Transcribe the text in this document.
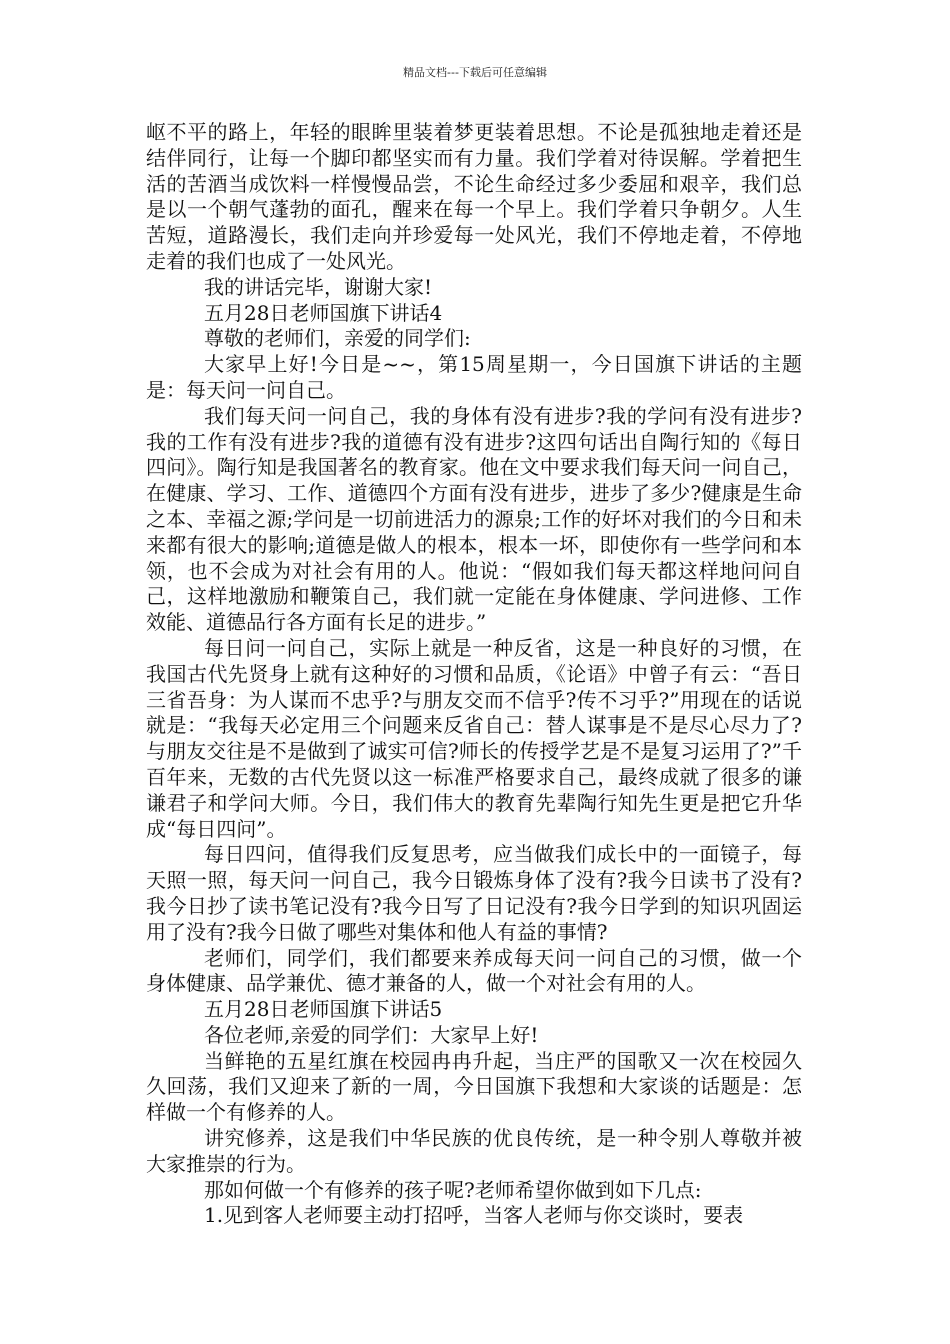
精品文档---下载后可任意编辑

岖不平的路上，年轻的眼眸里装着梦更装着思想。不论是孤独地走着还是结伴同行，让每一个脚印都坚实而有力量。我们学着对待误解。学着把生活的苦酒当成饮料一样慢慢品尝，不论生命经过多少委屈和艰辛，我们总是以一个朝气蓬勃的面孔，醒来在每一个早上。我们学着只争朝夕。人生苦短，道路漫长，我们走向并珍爱每一处风光，我们不停地走着，不停地走着的我们也成了一处风光。

我的讲话完毕，谢谢大家!

五月28日老师国旗下讲话4

尊敬的老师们，亲爱的同学们:

大家早上好!今日是~~，第15周星期一，今日国旗下讲话的主题是：每天问一问自己。

我们每天问一问自己，我的身体有没有进步?我的学问有没有进步?我的工作有没有进步?我的道德有没有进步?这四句话出自陶行知的《每日四问》。陶行知是我国著名的教育家。他在文中要求我们每天问一问自己，在健康、学习、工作、道德四个方面有没有进步，进步了多少?健康是生命之本、幸福之源;学问是一切前进活力的源泉;工作的好坏对我们的今日和未来都有很大的影响;道德是做人的根本，根本一坏，即使你有一些学问和本领，也不会成为对社会有用的人。他说：“假如我们每天都这样地问问自己，这样地激励和鞭策自己，我们就一定能在身体健康、学问进修、工作效能、道德品行各方面有长足的进步。”

每日问一问自己，实际上就是一种反省，这是一种良好的习惯，在我国古代先贤身上就有这种好的习惯和品质，《论语》中曾子有云：“吾日三省吾身：为人谋而不忠乎?与朋友交而不信乎?传不习乎?”用现在的话说就是：“我每天必定用三个问题来反省自己：替人谋事是不是尽心尽力了?与朋友交往是不是做到了诚实可信?师长的传授学艺是不是复习运用了?”千百年来，无数的古代先贤以这一标准严格要求自己，最终成就了很多的谦谦君子和学问大师。今日，我们伟大的教育先辈陶行知先生更是把它升华成“每日四问”。

每日四问，值得我们反复思考，应当做我们成长中的一面镜子，每天照一照，每天问一问自己，我今日锻炼身体了没有?我今日读书了没有?我今日抄了读书笔记没有?我今日写了日记没有?我今日学到的知识巩固运用了没有?我今日做了哪些对集体和他人有益的事情?

老师们，同学们，我们都要来养成每天问一问自己的习惯，做一个身体健康、品学兼优、德才兼备的人，做一个对社会有用的人。

五月28日老师国旗下讲话5

各位老师,亲爱的同学们：大家早上好!

当鲜艳的五星红旗在校园冉冉升起，当庄严的国歌又一次在校园久久回荡，我们又迎来了新的一周，今日国旗下我想和大家谈的话题是：怎样做一个有修养的人。

讲究修养，这是我们中华民族的优良传统，是一种令别人尊敬并被大家推崇的行为。

那如何做一个有修养的孩子呢?老师希望你做到如下几点:

1.见到客人老师要主动打招呼，当客人老师与你交谈时，要表
